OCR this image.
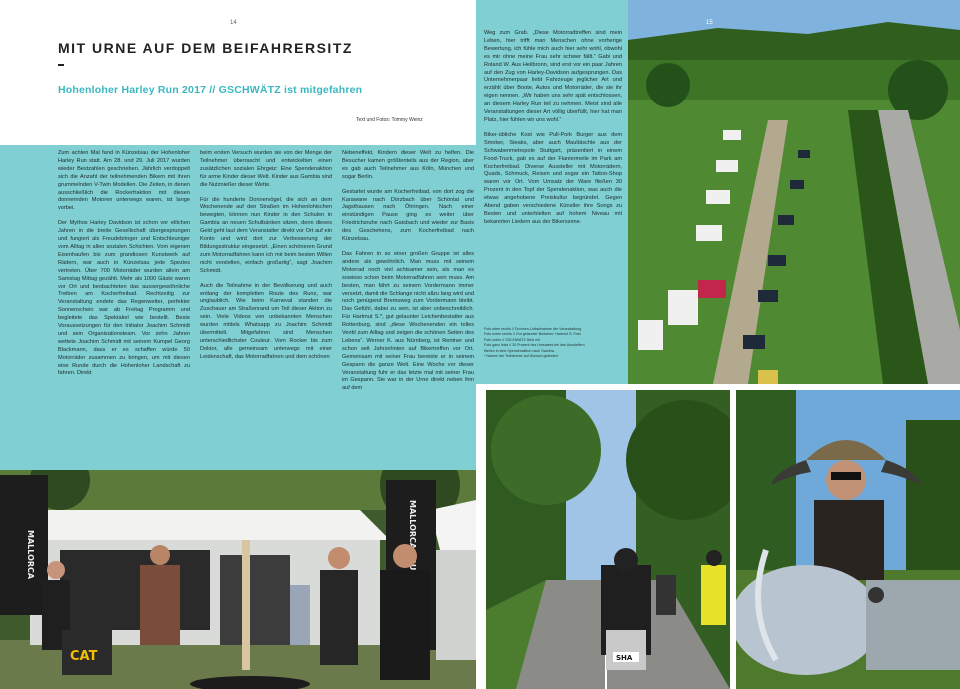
14
MIT URNE AUF DEM BEIFAHRERSITZ
Hohenloher Harley Run 2017 // GSCHWÄTZ ist mitgefahren
Text und Fotos: Tommy Weinz

Zum achten Mal fand in Künzelsau der Hohenloher Harley Run statt. Am 28. und 29. Juli 2017 wurden wieder Bestzahlen geschrieben. Jährlich verdoppelt sich die Anzahl der teilnehmenden Bikern mit ihren grummelnden V-Twin Modellen. Die Zeiten, in denen ausschließlich die Rockerfraktion mit diesen donnernden Motoren unterwegs waren, ist lange vorbei.

Der Mythos Harley Davidson ist schon vor etlichen Jahren in die breite Gesellschaft übergesprungen und fungiert als Freudebringer und Entschleuniger vom Alltag in allen sozialen Schichten. Vom eigenen Eisenhaufen bis zum grandiosen Kunstwerk auf Rädern, war auch in Künzelsau jede Spezies vertreten. Über 700 Motorräder wurden allein am Samstag Mittag gezählt. Mehr als 1000 Gäste waren vor Ort und beobachteten das aussergewöhnliche Treiben am Kocherfreibad. Rechtzeitig zur Veranstaltung endete das Regenwetter, perfekter Sonnenschein war ab Freitag Programm und begleitete das Spektakel wie bestellt. Beste Voraussetzungen für den Initiator Joachim Schmidt und sein Organisationsteam. Vor zehn Jahren wettete Joachim Schmidt mit seinem Kumpel Georg Blackmann, dass er es schaffen würde 50 Motorräder zusammen zu bringen, um mit diesen eine Runde durch die Hohenloher Landschaft zu fahren. Direkt

beim ersten Versuch wurden sie von der Menge der Teilnehmer überrascht und entwickelten einen zusätzlichen sozialen Ehrgeiz: Eine Spendenaktion für arme Kinder dieser Welt. Kinder aus Gambia sind die Nutznießer dieser Wette.

Für die hunderte Donnervögel, die sich an dem Wochenende auf den Straßen im Hohenlohischen bewegten, können nun Kinder in den Schulen in Gambia an neuen Schulbänken sitzen, denn dieses Geld geht laut dem Veranstalter direkt vor Ort auf ein Konto und wird dort zur Verbesserung der Bildungsstruktur eingesetzt. „Einen schöneren Grund zum Motorradfahren kann ich mir beim besten Willen nicht vorstellen, einfach großartig“, sagt Joachim Schmidt.

Auch die Teilnahme in der Bevölkerung und auch entlang der kompletten Route des Runs, war unglaublich. Wie beim Karneval standen die Zuschauer am Straßenrand um Teil dieser Aktion zu sein. Viele Videos von unbekannten Menschen wurden mittels Whatsapp zu Joachim Schmidt übermittelt. Mitgefahren sind Menschen unterschiedlichster Couleur. Vom Rocker bis zum Doktor, alle gemeinsam unterwegs mit einer Leidenschaft, das Motorradfahren und dem schönen

Nebeneffekt, Kindern dieser Welt zu helfen. Die Besucher kamen größtenteils aus der Region, aber es gab auch Teilnehmer aus Köln, München und sogar Berlin.

Gestartet wurde am Kocherfreibad, von dort zog die Karawane nach Dörzbach über Schöntal und Jagsthausen nach Öhringen. Nach einer einstündigen Pause ging es weiter über Friedrichsruhe nach Gaisbach und wieder zur Basis des Geschehens, zum Kocherfreibad nach Künzelsau.

Das Fahren in so einer großen Gruppe ist alles andere als gewöhnlich. Man muss mit seinem Motorrad noch viel achtsamer sein, als man es sowieso schon beim Motorradfahren sein muss. Am besten, man fährt zu seinem Vordermann immer versetzt, damit die Schlange nicht allzu lang wird und noch genügend Bremsweg zum Vordermann bleibt. Das Gefühl, dabei zu sein, ist aber unbeschreiblich. Für Hartmut S.*, gut gelaunter Leichenbestatter aus Rottenburg, sind „diese Wochenenden ein tolles Ventil zum Alltag und zeigen die schönen Seiten des Lebens“. Werner K. aus Nürnberg, ist Rentner und schon seit Jahrzehnten auf Bikertreffen vor Ort. Gemeinsam mit seiner Frau bereiste er in seinem Gespann die ganze Welt. Eine Woche vor dieser Veranstaltung fuhr er das letzte mal mit seiner Frau im Gespann. Sie war in der Urne direkt neben ihm auf dem

MALLORCA
CAT

Weg zum Grab. „Diese Motorradtreffen sind mein Leben, hier trifft man Menschen ohne vorherige Bewertung, ich fühle mich auch hier sehr wohl, obwohl es mir ohne meine Frau sehr schwer fällt.“ Gabi und Roland W. Aus Heilbronn, sind erst vor ein paar Jahren auf den Zug von Harley-Davidson aufgesprungen. Das Unternehmerpaar liebt Fahrzeuge jeglicher Art und erzählt über Boote, Autos und Motorräder, die sie ihr eigen nennen. „Wir haben uns sehr spät entschlossen, an diesem Harley Run teil zu nehmen. Meist sind alle Veranstaltungen dieser Art völlig überfüllt, hier hat man Platz, hier fühlen wir uns wohl.“

Biker-übliche Kost wie Pull-Pork Burger aus dem Smoker, Steaks, aber auch Maultäschle aus der Schwabenmetropole Stuttgart, präsentiert in einem Food-Truck, gab es auf der Flaniermeile im Park am Kocherfreibad. Diverse Aussteller mit Motorrädern, Quads, Schmuck, Reisen und sogar ein Tattoo-Shop waren vor Ort. Vom Umsatz der Ware fließen 30 Prozent in den Topf der Spendenaktion, was auch die etwas angehobene Preiskultur begründet. Gegen Abend gaben verschiedene Künstler ihre Songs zu Besten und unterhielten auf hohem Niveau mit bekannten Liedern aus der Bikerszene.

Foto oben rechts // Drohnen-Luftaufnahme der Veranstaltung
Foto unten rechts // Gut gelaunter Beifahrer: Hartmut S. Foto
Foto unten // GSCHWÄTZ fährt mit
Foto ganz links // 30 Prozent des Umsatzes bei den Ausstellern
fließen in eine Spendenaktion nach Gambia.
* Namen der Teilnehmer auf Wunsch geändert
15
SHA
